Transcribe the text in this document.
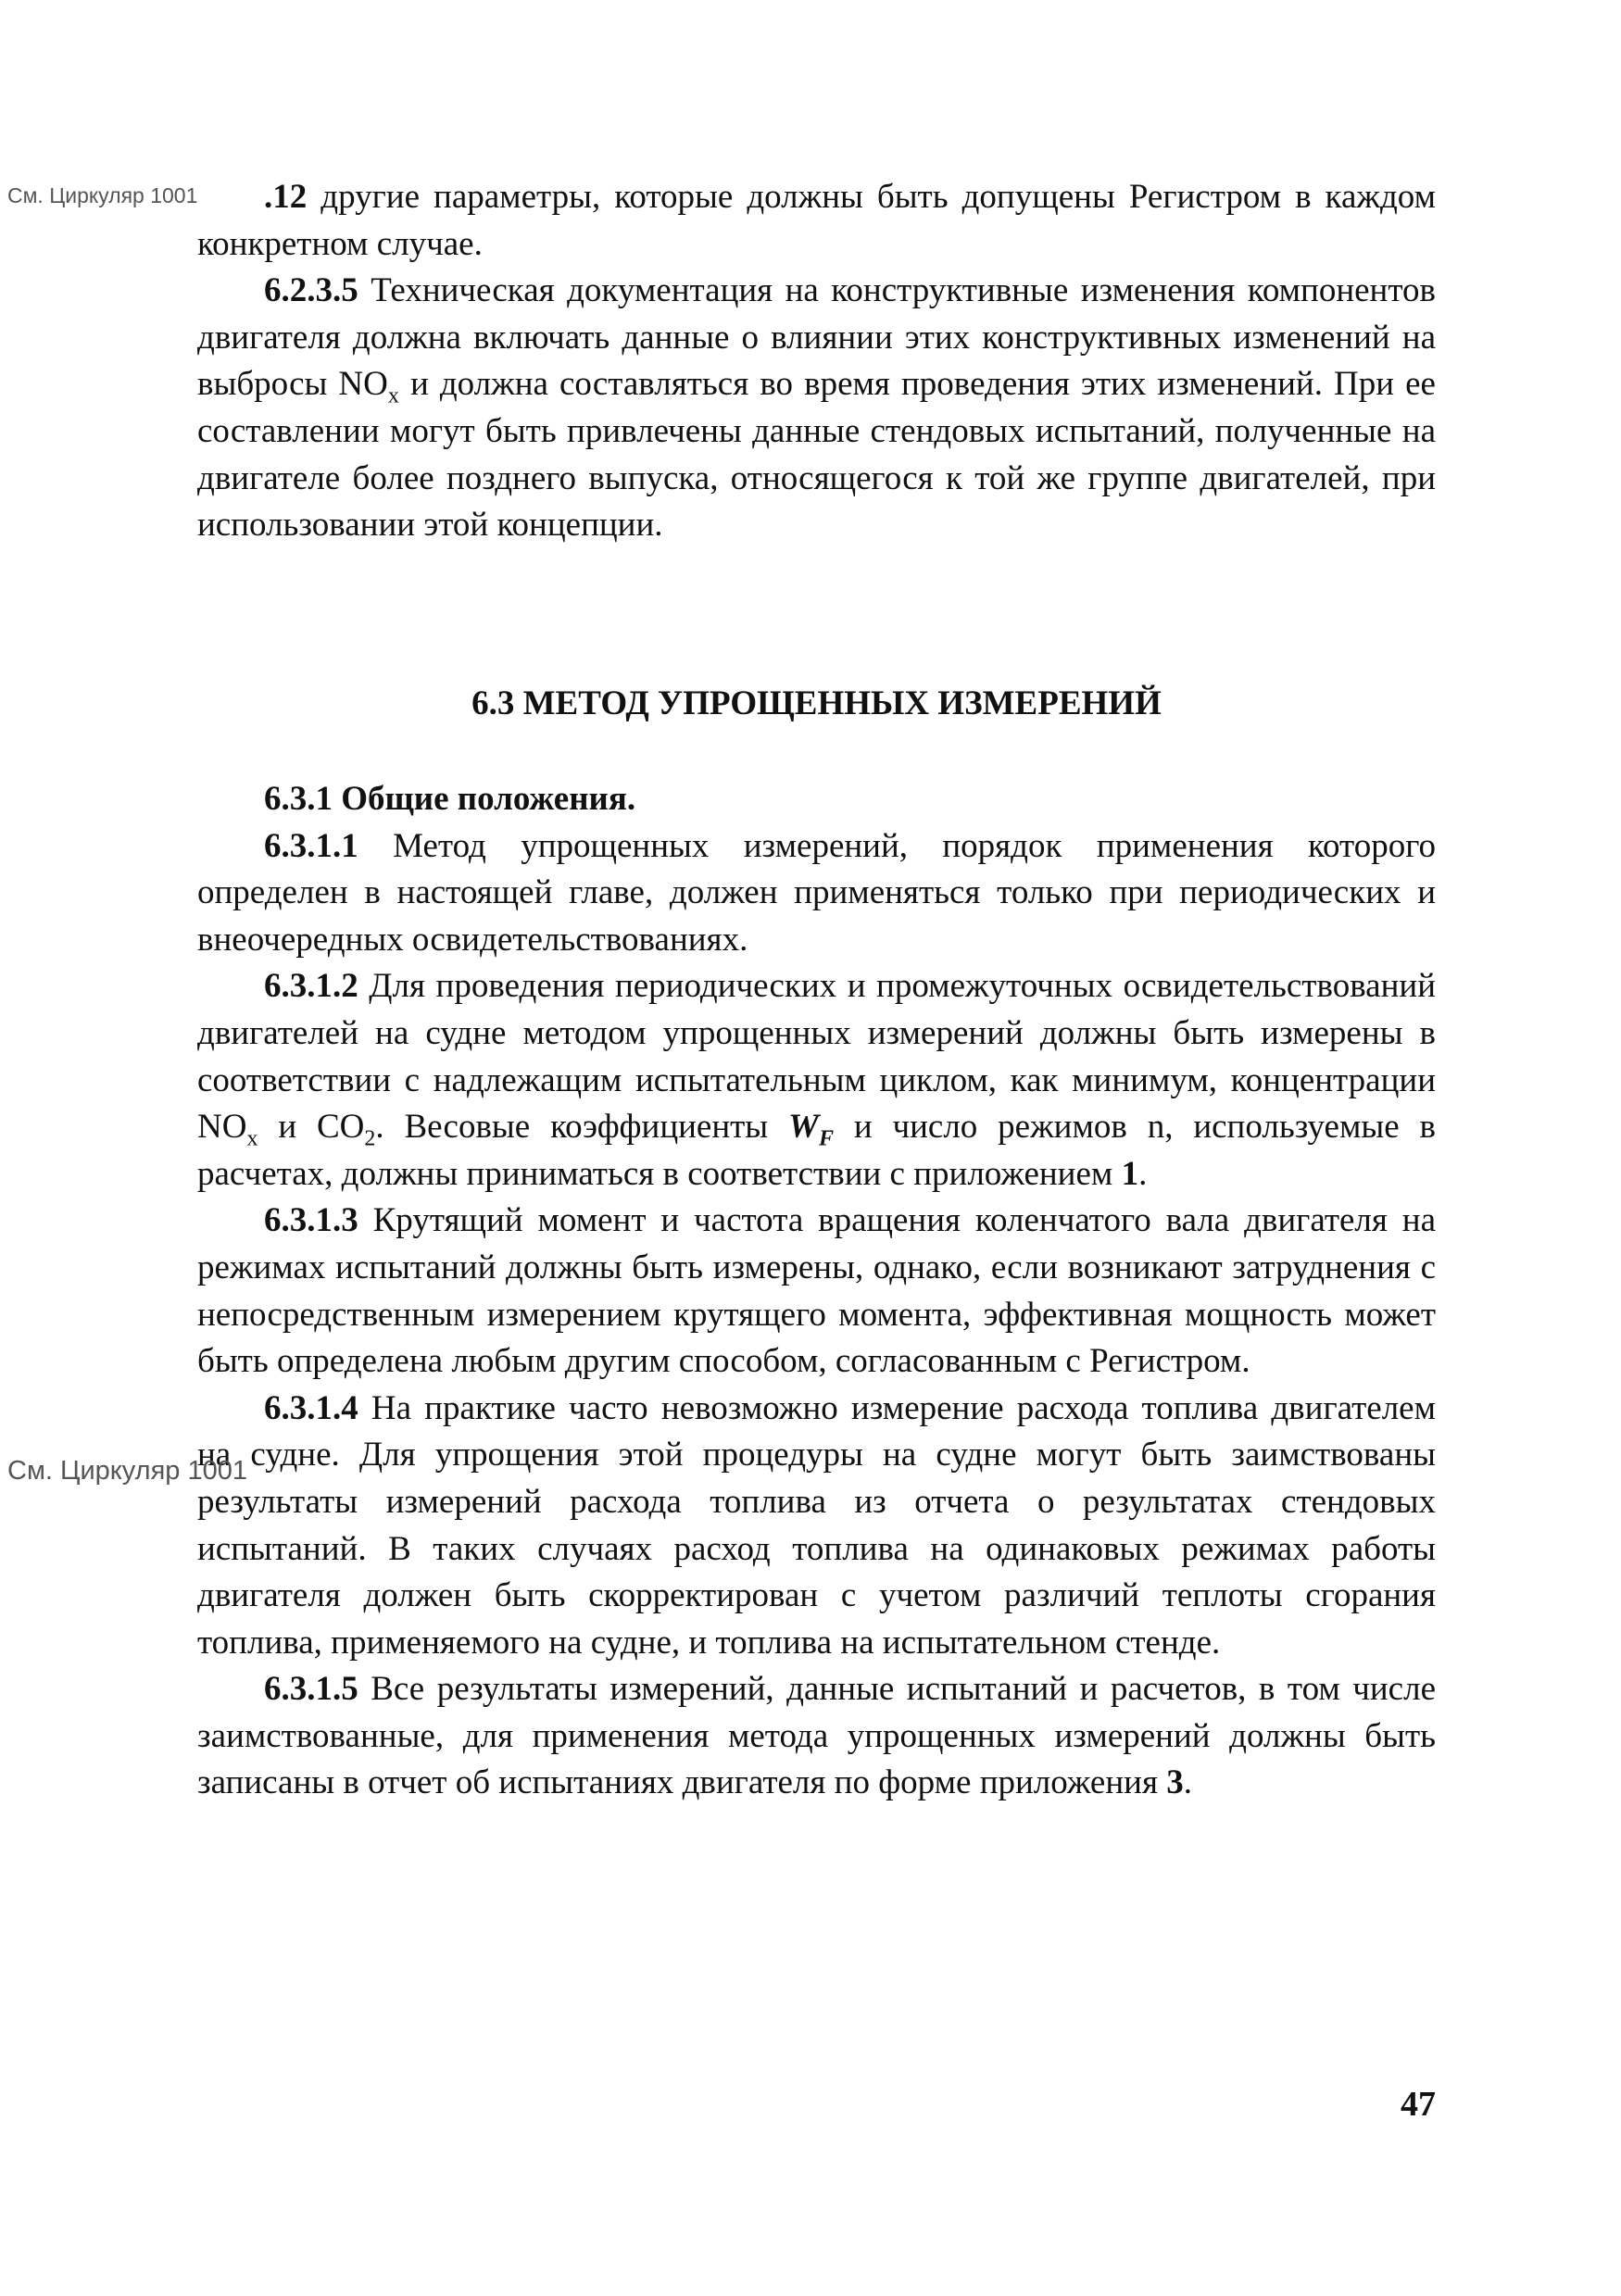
См. Циркуляр 1001	.12 другие параметры, которые должны быть допущены Регистром в каждом конкретном случае.

6.2.3.5 Техническая документация на конструктивные изменения компонентов двигателя должна включать данные о влиянии этих конструктивных изменений на выбросы $NO_x$ и должна составляться во время проведения этих изменений. При ее составлении могут быть привлечены данные стендовых испытаний, полученные на двигателе более позднего выпуска, относящегося к той же группе двигателей, при использовании этой концепции.

6.3 МЕТОД УПРОЩЕННЫХ ИЗМЕРЕНИЙ

6.3.1 Общие положения.

6.3.1.1 Метод упрощенных измерений, порядок применения которого определен в настоящей главе, должен применяться только при периодических и внеочередных освидетельствованиях.

6.3.1.2 Для проведения периодических и промежуточных освидетельствований двигателей на судне методом упрощенных измерений должны быть измерены в соответствии с надлежащим испытательным циклом, как минимум, концентрации $NO_x$ и $CO_2$. Весовые коэффициенты $W_F$ и число режимов n, используемые в расчетах, должны приниматься в соответствии с приложением 1.

6.3.1.3 Крутящий момент и частота вращения коленчатого вала двигателя на режимах испытаний должны быть измерены, однако, если возникают затруднения с непосредственным измерением крутящего момента, эффективная мощность может быть определена любым другим способом, согласованным с Регистром.

6.3.1.4 На практике часто невозможно измерение расхода топлива двигателем на судне. Для упрощения этой процедуры на судне могут быть заимствованы результаты измерений расхода топлива из отчета о результатах стендовых испытаний. В таких случаях расход топлива на одинаковых режимах работы двигателя должен быть скорректирован с учетом различий теплоты сгорания топлива, применяемого на судне, и топлива на испытательном стенде.

6.3.1.5 Все результаты измерений, данные испытаний и расчетов, в том числе заимствованные, для применения метода упрощенных измерений должны быть записаны в отчет об испытаниях двигателя по форме приложения 3.

См. Циркуляр 1001
47
